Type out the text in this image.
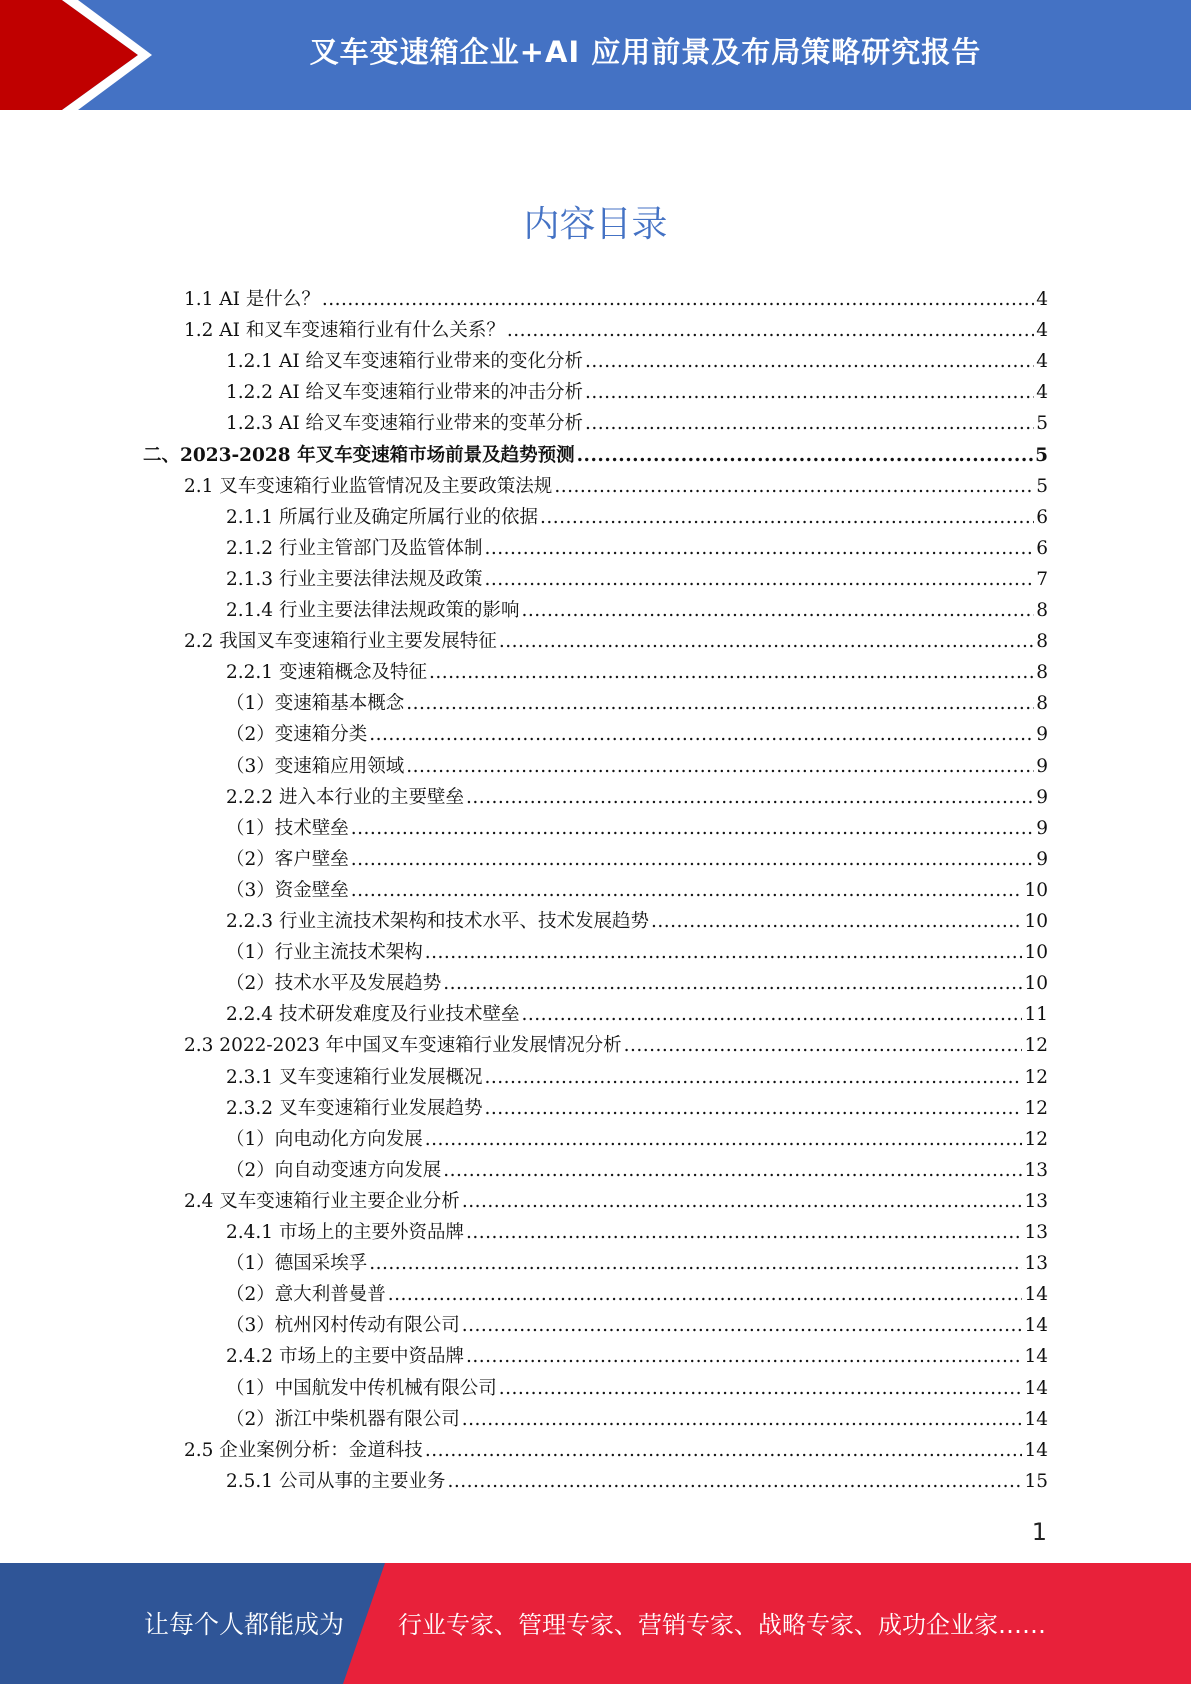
叉车变速箱企业+AI 应用前景及布局策略研究报告
内容目录
1.1 AI 是什么？ .....	4
1.2 AI 和叉车变速箱行业有什么关系？ .....	4
1.2.1 AI 给叉车变速箱行业带来的变化分析 .....	4
1.2.2 AI 给叉车变速箱行业带来的冲击分析 .....	4
1.2.3 AI 给叉车变速箱行业带来的变革分析 .....	5
二、2023-2028 年叉车变速箱市场前景及趋势预测 .....	5
2.1 叉车变速箱行业监管情况及主要政策法规 .....	5
2.1.1 所属行业及确定所属行业的依据 .....	6
2.1.2 行业主管部门及监管体制 .....	6
2.1.3 行业主要法律法规及政策 .....	7
2.1.4 行业主要法律法规政策的影响 .....	8
2.2 我国叉车变速箱行业主要发展特征 .....	8
2.2.1 变速箱概念及特征 .....	8
（1）变速箱基本概念 .....	8
（2）变速箱分类 .....	9
（3）变速箱应用领域 .....	9
2.2.2 进入本行业的主要壁垒 .....	9
（1）技术壁垒 .....	9
（2）客户壁垒 .....	9
（3）资金壁垒 .....	10
2.2.3 行业主流技术架构和技术水平、技术发展趋势 .....	10
（1）行业主流技术架构 .....	10
（2）技术水平及发展趋势 .....	10
2.2.4 技术研发难度及行业技术壁垒 .....	11
2.3 2022-2023 年中国叉车变速箱行业发展情况分析 .....	12
2.3.1 叉车变速箱行业发展概况 .....	12
2.3.2 叉车变速箱行业发展趋势 .....	12
（1）向电动化方向发展 .....	12
（2）向自动变速方向发展 .....	13
2.4 叉车变速箱行业主要企业分析 .....	13
2.4.1 市场上的主要外资品牌 .....	13
（1）德国采埃孚 .....	13
（2）意大利普曼普 .....	14
（3）杭州冈村传动有限公司 .....	14
2.4.2 市场上的主要中资品牌 .....	14
（1）中国航发中传机械有限公司 .....	14
（2）浙江中柴机器有限公司 .....	14
2.5 企业案例分析：金道科技 .....	14
2.5.1 公司从事的主要业务 .....	15
1
让每个人都能成为 行业专家、管理专家、营销专家、战略专家、成功企业家……
